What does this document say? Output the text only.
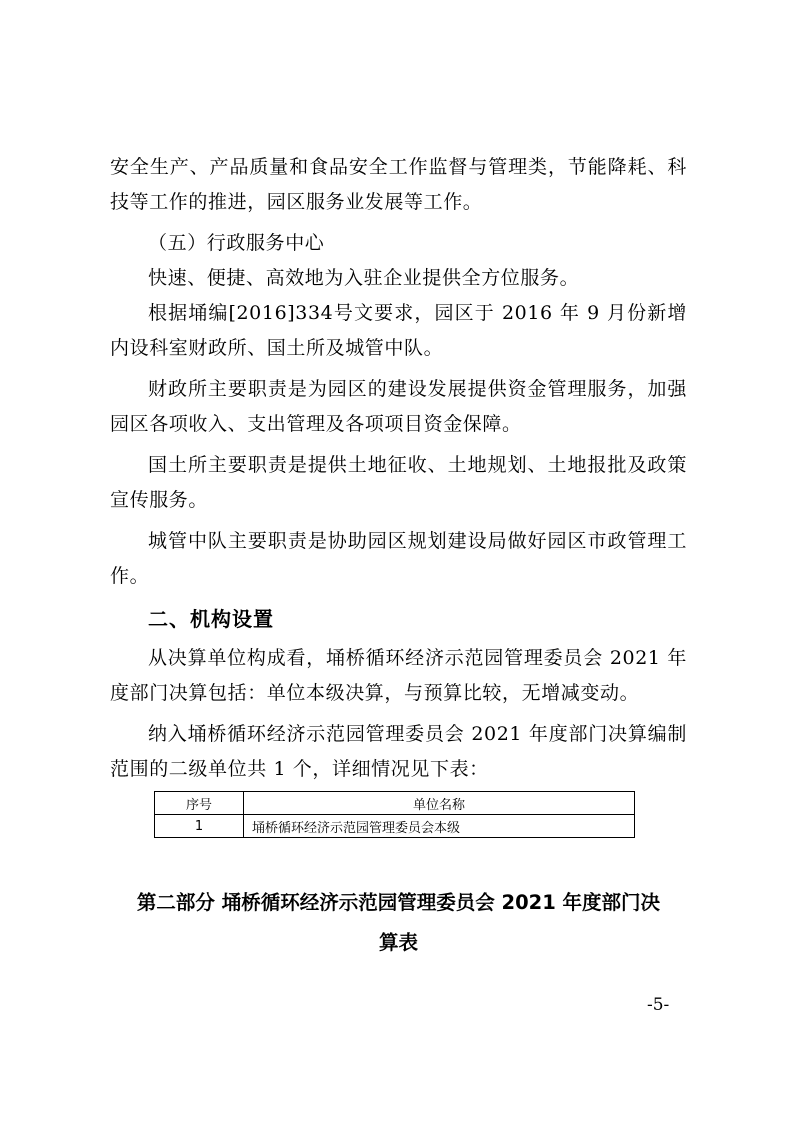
安全生产、产品质量和食品安全工作监督与管理类，节能降耗、科技等工作的推进，园区服务业发展等工作。

（五）行政服务中心

快速、便捷、高效地为入驻企业提供全方位服务。

根据埇编[2016]334号文要求，园区于 2016 年 9 月份新增内设科室财政所、国土所及城管中队。

财政所主要职责是为园区的建设发展提供资金管理服务，加强园区各项收入、支出管理及各项项目资金保障。

国土所主要职责是提供土地征收、土地规划、土地报批及政策宣传服务。

城管中队主要职责是协助园区规划建设局做好园区市政管理工作。

二、机构设置

从决算单位构成看，埇桥循环经济示范园管理委员会 2021 年度部门决算包括：单位本级决算，与预算比较，无增减变动。

纳入埇桥循环经济示范园管理委员会 2021 年度部门决算编制范围的二级单位共 1 个，详细情况见下表：

序号	单位名称
1	埇桥循环经济示范园管理委员会本级
第二部分 埇桥循环经济示范园管理委员会 2021 年度部门决
算表

-5-
